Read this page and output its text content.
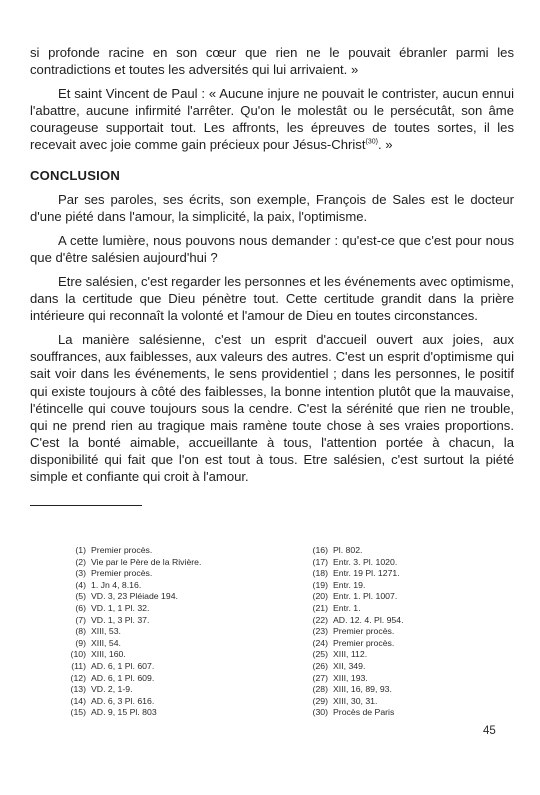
si profonde racine en son cœur que rien ne le pouvait ébranler parmi les contradictions et toutes les adversités qui lui arrivaient. »

Et saint Vincent de Paul : « Aucune injure ne pouvait le contrister, aucun ennui l'abattre, aucune infirmité l'arrêter. Qu'on le molestât ou le persécutât, son âme courageuse supportait tout. Les affronts, les épreuves de toutes sortes, il les recevait avec joie comme gain précieux pour Jésus-Christ$^{(30)}$. »

CONCLUSION

Par ses paroles, ses écrits, son exemple, François de Sales est le docteur d'une piété dans l'amour, la simplicité, la paix, l'optimisme.

A cette lumière, nous pouvons nous demander : qu'est-ce que c'est pour nous que d'être salésien aujourd'hui ?

Etre salésien, c'est regarder les personnes et les événements avec optimisme, dans la certitude que Dieu pénètre tout. Cette certitude grandit dans la prière intérieure qui reconnaît la volonté et l'amour de Dieu en toutes circonstances.

La manière salésienne, c'est un esprit d'accueil ouvert aux joies, aux souffrances, aux faiblesses, aux valeurs des autres. C'est un esprit d'optimisme qui sait voir dans les événements, le sens providentiel ; dans les personnes, le positif qui existe toujours à côté des faiblesses, la bonne intention plutôt que la mauvaise, l'étincelle qui couve toujours sous la cendre. C'est la sérénité que rien ne trouble, qui ne prend rien au tragique mais ramène toute chose à ses vraies proportions. C'est la bonté aimable, accueillante à tous, l'attention portée à chacun, la disponibilité qui fait que l'on est tout à tous. Etre salésien, c'est surtout la piété simple et confiante qui croit à l'amour.

(1) Premier procès.
(2) Vie par le Père de la Rivière.
(3) Premier procès.
(4) 1. Jn 4, 8.16.
(5) VD. 3, 23 Pléiade 194.
(6) VD. 1, 1 Pl. 32.
(7) VD. 1, 3 Pl. 37.
(8) XIII, 53.
(9) XIII, 54.
(10) XIII, 160.
(11) AD. 6, 1 Pl. 607.
(12) AD. 6, 1 Pl. 609.
(13) VD. 2, 1-9.
(14) AD. 6, 3 Pl. 616.
(15) AD. 9, 15 Pl. 803
(16) Pl. 802.
(17) Entr. 3. Pl. 1020.
(18) Entr. 19 Pl. 1271.
(19) Entr. 19.
(20) Entr. 1. Pl. 1007.
(21) Entr. 1.
(22) AD. 12. 4. Pl. 954.
(23) Premier procès.
(24) Premier procès.
(25) XIII, 112.
(26) XII, 349.
(27) XIII, 193.
(28) XIII, 16, 89, 93.
(29) XIII, 30, 31.
(30) Procès de Paris
45
